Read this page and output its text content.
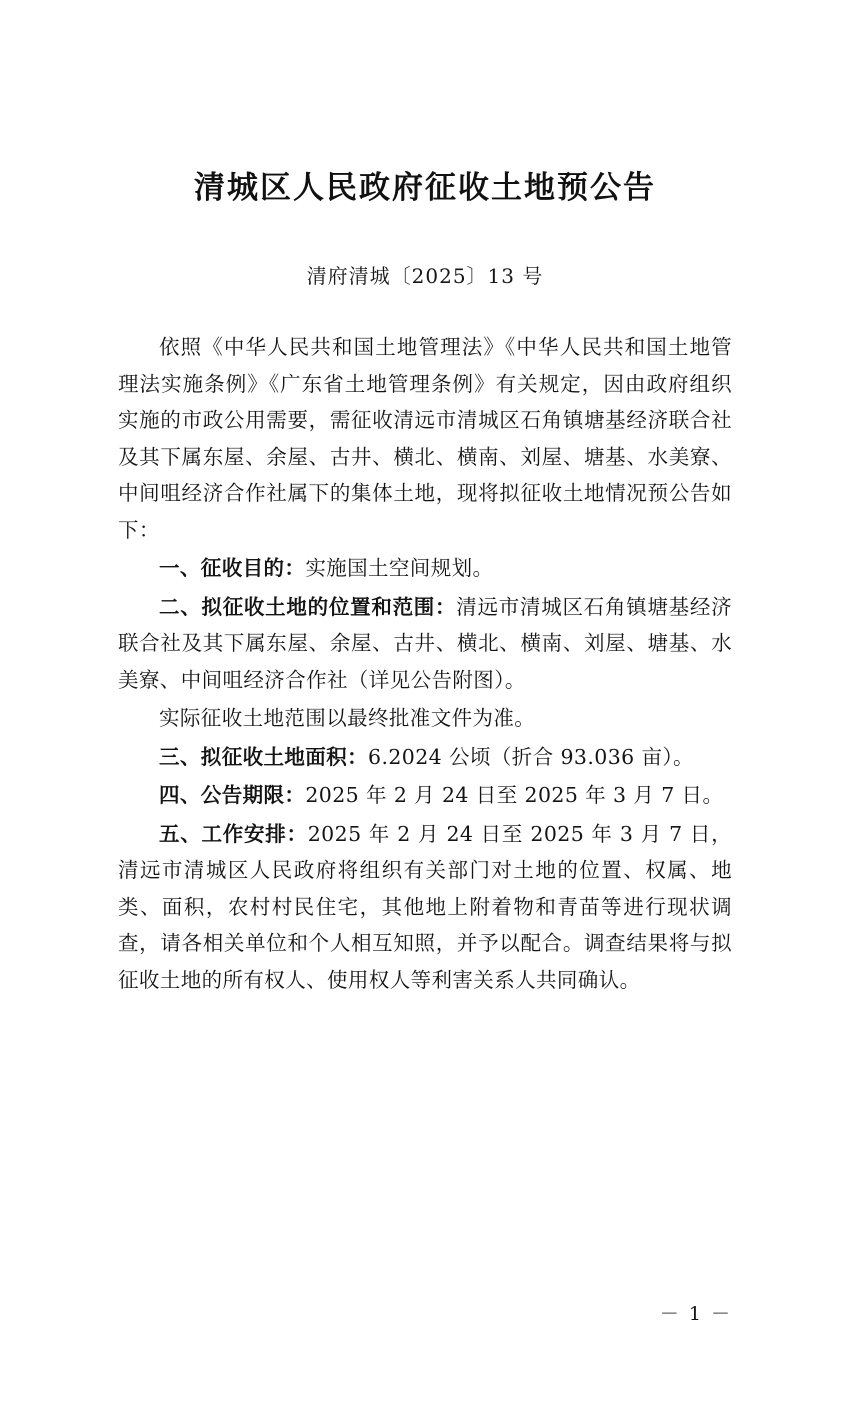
清城区人民政府征收土地预公告
清府清城〔2025〕13 号

依照《中华人民共和国土地管理法》《中华人民共和国土地管理法实施条例》《广东省土地管理条例》有关规定，因由政府组织实施的市政公用需要，需征收清远市清城区石角镇塘基经济联合社及其下属东屋、余屋、古井、横北、横南、刘屋、塘基、水美寮、中间咀经济合作社属下的集体土地，现将拟征收土地情况预公告如下：

一、征收目的：实施国土空间规划。

二、拟征收土地的位置和范围：清远市清城区石角镇塘基经济联合社及其下属东屋、余屋、古井、横北、横南、刘屋、塘基、水美寮、中间咀经济合作社（详见公告附图）。

实际征收土地范围以最终批准文件为准。

三、拟征收土地面积：6.2024 公顷（折合 93.036 亩）。

四、公告期限：2025 年 2 月 24 日至 2025 年 3 月 7 日。

五、工作安排：2025 年 2 月 24 日至 2025 年 3 月 7 日，清远市清城区人民政府将组织有关部门对土地的位置、权属、地类、面积，农村村民住宅，其他地上附着物和青苗等进行现状调查，请各相关单位和个人相互知照，并予以配合。调查结果将与拟征收土地的所有权人、使用权人等利害关系人共同确认。

－ 1 －
